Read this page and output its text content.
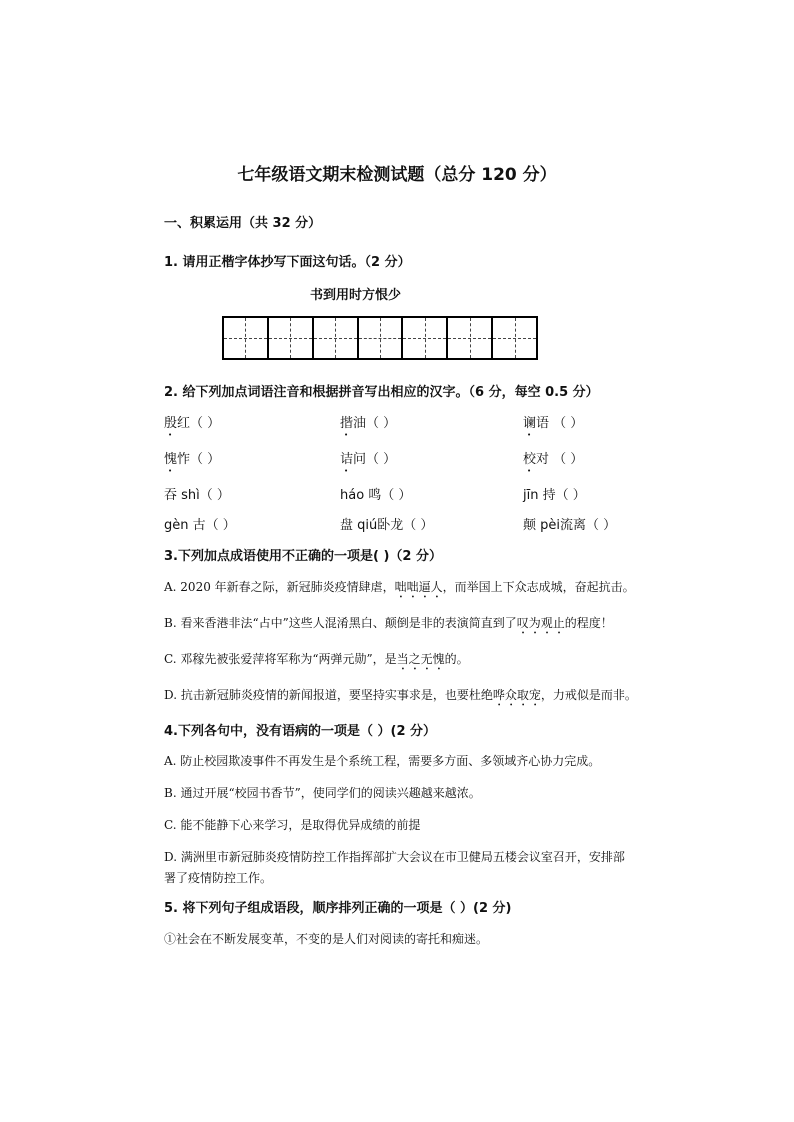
七年级语文期末检测试题（总分 120 分）
一、积累运用（共 32 分）
1. 请用正楷字体抄写下面这句话。（2 分）
书到用时方恨少
2. 给下列加点词语注音和根据拼音写出相应的汉字。（6 分，每空 0.5 分）
殷红（ ）	揩油（ ）	谰语 （ ）
愧怍（ ）	诘问（ ）	校对 （ ）
吞 shì（ ）	háo 鸣（ ）	jīn 持（ ）
gèn 古（ ）	盘 qiú卧龙（ ）	颠 pèi流离（ ）
3.下列加点成语使用不正确的一项是( )（2 分）
A. 2020 年新春之际，新冠肺炎疫情肆虐，咄咄逼人，而举国上下众志成城，奋起抗击。
B. 看来香港非法“占中”这些人混淆黑白、颠倒是非的表演简直到了叹为观止的程度！
C. 邓稼先被张爱萍将军称为“两弹元勋”，是当之无愧的。
D. 抗击新冠肺炎疫情的新闻报道，要坚持实事求是，也要杜绝哗众取宠，力戒似是而非。
4.下列各句中，没有语病的一项是（ ）(2 分）
A. 防止校园欺凌事件不再发生是个系统工程，需要多方面、多领域齐心协力完成。
B. 通过开展“校园书香节”，使同学们的阅读兴趣越来越浓。
C. 能不能静下心来学习，是取得优异成绩的前提
D. 满洲里市新冠肺炎疫情防控工作指挥部扩大会议在市卫健局五楼会议室召开，安排部
署了疫情防控工作。
5. 将下列句子组成语段，顺序排列正确的一项是（ ）(2 分)
①社会在不断发展变革，不变的是人们对阅读的寄托和痴迷。
